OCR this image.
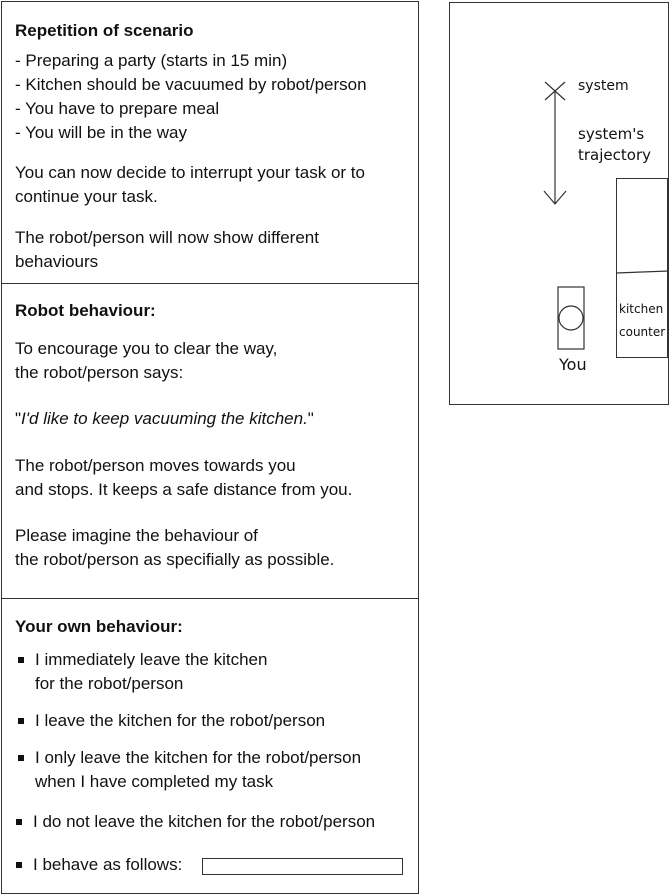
Repetition of scenario
- Preparing a party (starts in 15 min)
- Kitchen should be vacuumed by robot/person
- You have to prepare meal
- You will be in the way
You can now decide to interrupt your task or to
continue your task.
The robot/person will now show different
behaviours
Robot behaviour:
To encourage you to clear the way,
the robot/person says:
"I'd like to keep vacuuming the kitchen."
The robot/person moves towards you
and stops. It keeps a safe distance from you.
Please imagine the behaviour of
the robot/person as specifially as possible.
Your own behaviour:
I immediately leave the kitchen
for the robot/person
I leave the kitchen for the robot/person
I only leave the kitchen for the robot/person
when I have completed my task
I do not leave the kitchen for the robot/person
I behave as follows:
system
system's
trajectory
kitchen
counter
You
